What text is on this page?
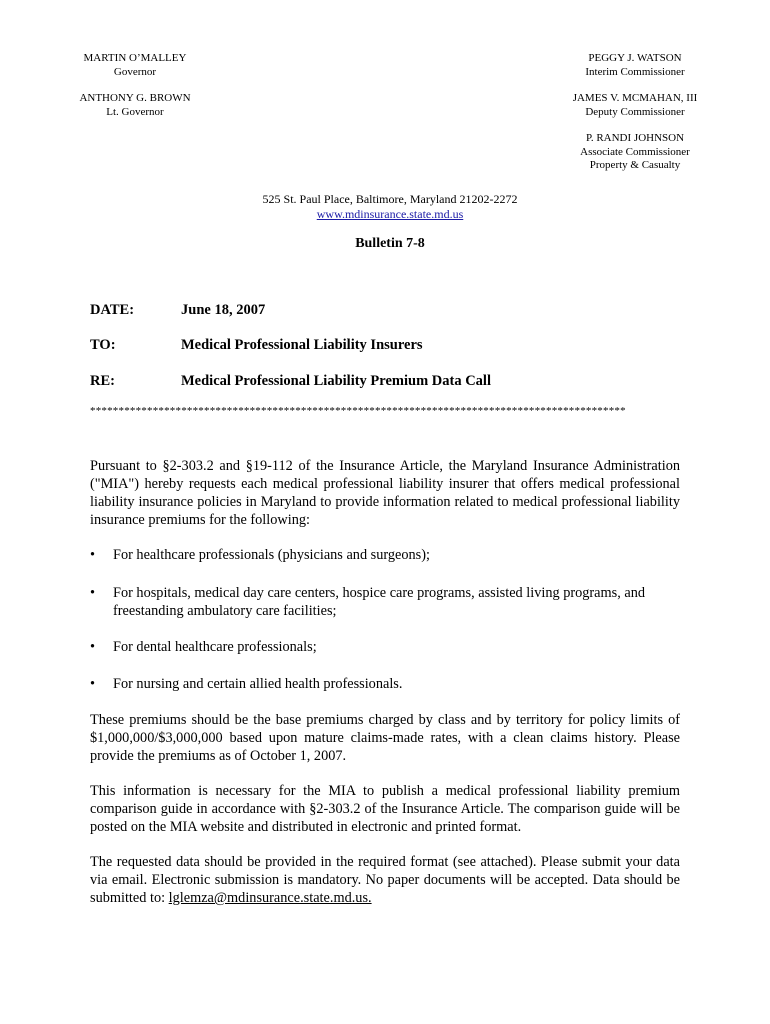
MARTIN O’MALLEY
Governor
ANTHONY G. BROWN
Lt. Governor
PEGGY J. WATSON
Interim Commissioner
JAMES V. MCMAHAN, III
Deputy Commissioner
P. RANDI JOHNSON
Associate Commissioner
Property & Casualty
525 St. Paul Place, Baltimore, Maryland 21202-2272
www.mdinsurance.state.md.us
Bulletin 7-8
DATE:	June 18, 2007
TO:	Medical Professional Liability Insurers
RE:	Medical Professional Liability Premium Data Call
**********************************************************************************************
Pursuant to §2-303.2 and §19-112 of the Insurance Article, the Maryland Insurance Administration ("MIA") hereby requests each medical professional liability insurer that offers medical professional liability insurance policies in Maryland to provide information related to medical professional liability insurance premiums for the following:
• For healthcare professionals (physicians and surgeons);
• For hospitals, medical day care centers, hospice care programs, assisted living programs, and freestanding ambulatory care facilities;
• For dental healthcare professionals;
• For nursing and certain allied health professionals.
These premiums should be the base premiums charged by class and by territory for policy limits of $1,000,000/$3,000,000 based upon mature claims-made rates, with a clean claims history. Please provide the premiums as of October 1, 2007.
This information is necessary for the MIA to publish a medical professional liability premium comparison guide in accordance with §2-303.2 of the Insurance Article. The comparison guide will be posted on the MIA website and distributed in electronic and printed format.
The requested data should be provided in the required format (see attached). Please submit your data via email. Electronic submission is mandatory. No paper documents will be accepted. Data should be submitted to: lglemza@mdinsurance.state.md.us.
